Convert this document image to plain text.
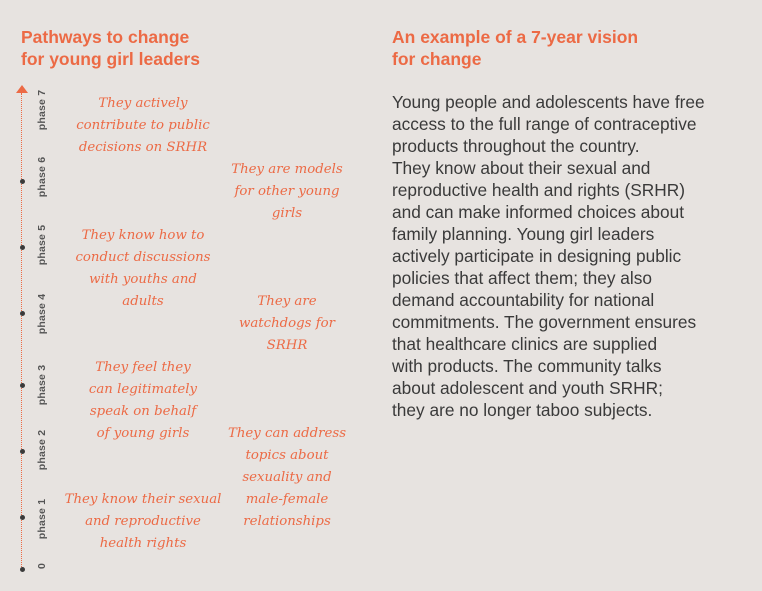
Pathways to change
for young girl leaders
An example of a 7-year vision
for change
phase 7
phase 6
phase 5
phase 4
phase 3
phase 2
phase 1
0

They actively
contribute to public
decisions on SRHR

They are models
for other young
girls

They know how to
conduct discussions
with youths and
adults	They are
watchdogs for
SRHR

They feel they
can legitimately
speak on behalf
of young girls	They can address
topics about
sexuality and
male-female
relationships

They know their sexual
and reproductive
health rights

Young people and adolescents have free
access to the full range of contraceptive
products throughout the country.
They know about their sexual and
reproductive health and rights (SRHR)
and can make informed choices about
family planning. Young girl leaders
actively participate in designing public
policies that affect them; they also
demand accountability for national
commitments. The government ensures
that healthcare clinics are supplied
with products. The community talks
about adolescent and youth SRHR;
they are no longer taboo subjects.
